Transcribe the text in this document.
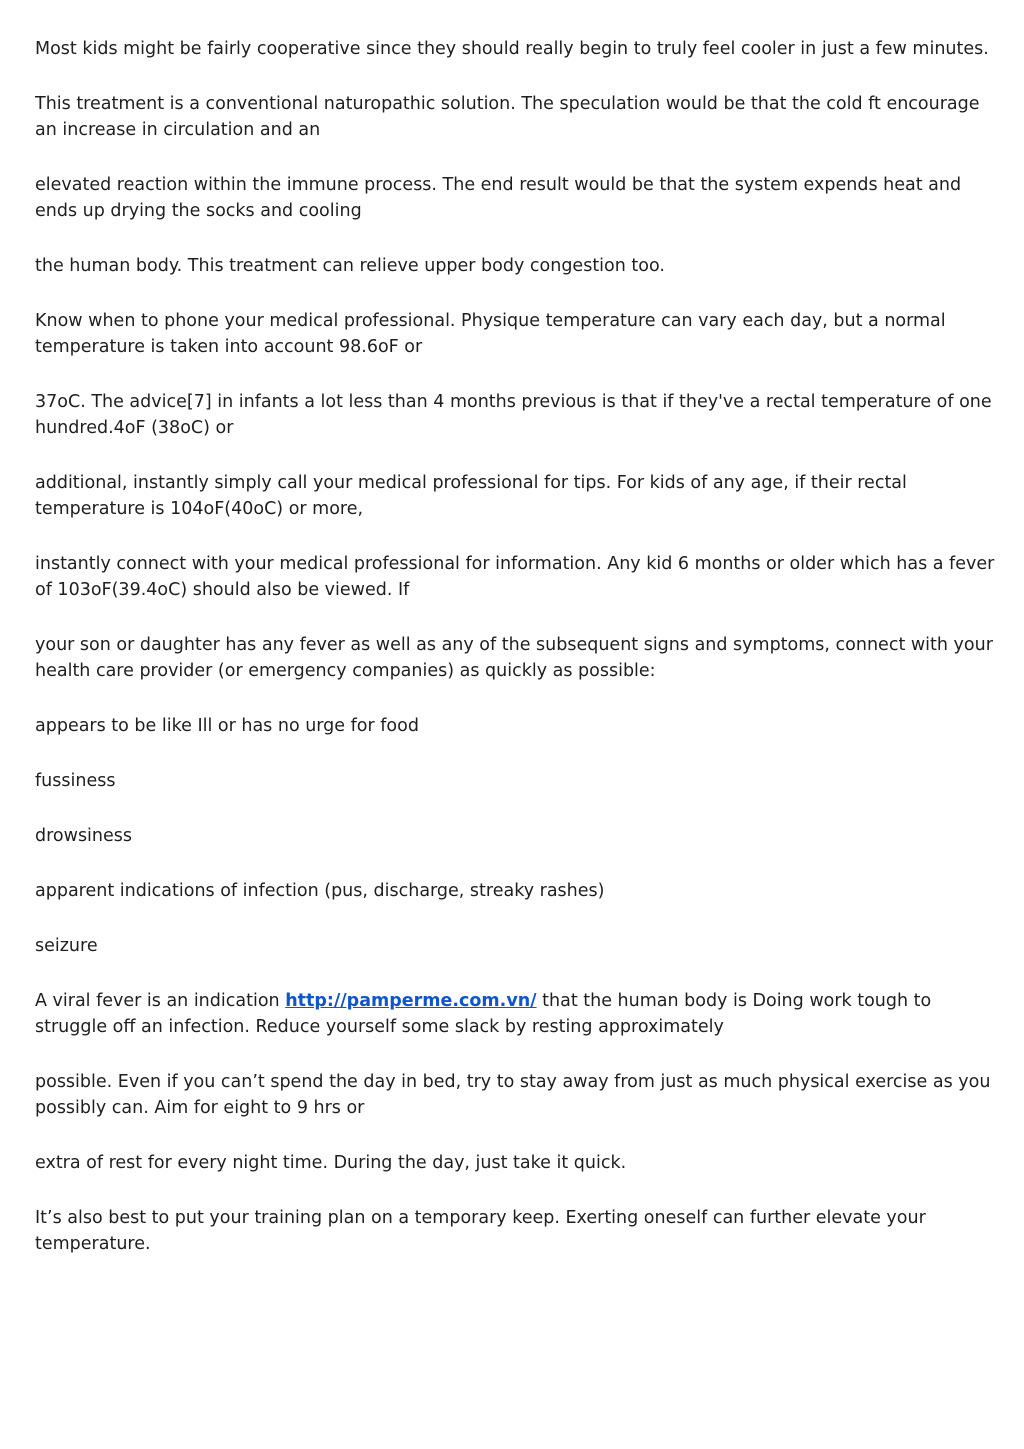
Most kids might be fairly cooperative since they should really begin to truly feel cooler in just a few minutes.

This treatment is a conventional naturopathic solution. The speculation would be that the cold ft encourage an increase in circulation and an

elevated reaction within the immune process. The end result would be that the system expends heat and ends up drying the socks and cooling

the human body. This treatment can relieve upper body congestion too.

Know when to phone your medical professional. Physique temperature can vary each day, but a normal temperature is taken into account 98.6oF or

37oC. The advice[7] in infants a lot less than 4 months previous is that if they've a rectal temperature of one hundred.4oF (38oC) or

additional, instantly simply call your medical professional for tips. For kids of any age, if their rectal temperature is 104oF(40oC) or more,

instantly connect with your medical professional for information. Any kid 6 months or older which has a fever of 103oF(39.4oC) should also be viewed. If

your son or daughter has any fever as well as any of the subsequent signs and symptoms, connect with your health care provider (or emergency companies) as quickly as possible:

appears to be like Ill or has no urge for food

fussiness

drowsiness

apparent indications of infection (pus, discharge, streaky rashes)

seizure

A viral fever is an indication http://pamperme.com.vn/ that the human body is Doing work tough to struggle off an infection. Reduce yourself some slack by resting approximately

possible. Even if you can’t spend the day in bed, try to stay away from just as much physical exercise as you possibly can. Aim for eight to 9 hrs or

extra of rest for every night time. During the day, just take it quick.

It’s also best to put your training plan on a temporary keep. Exerting oneself can further elevate your temperature.
